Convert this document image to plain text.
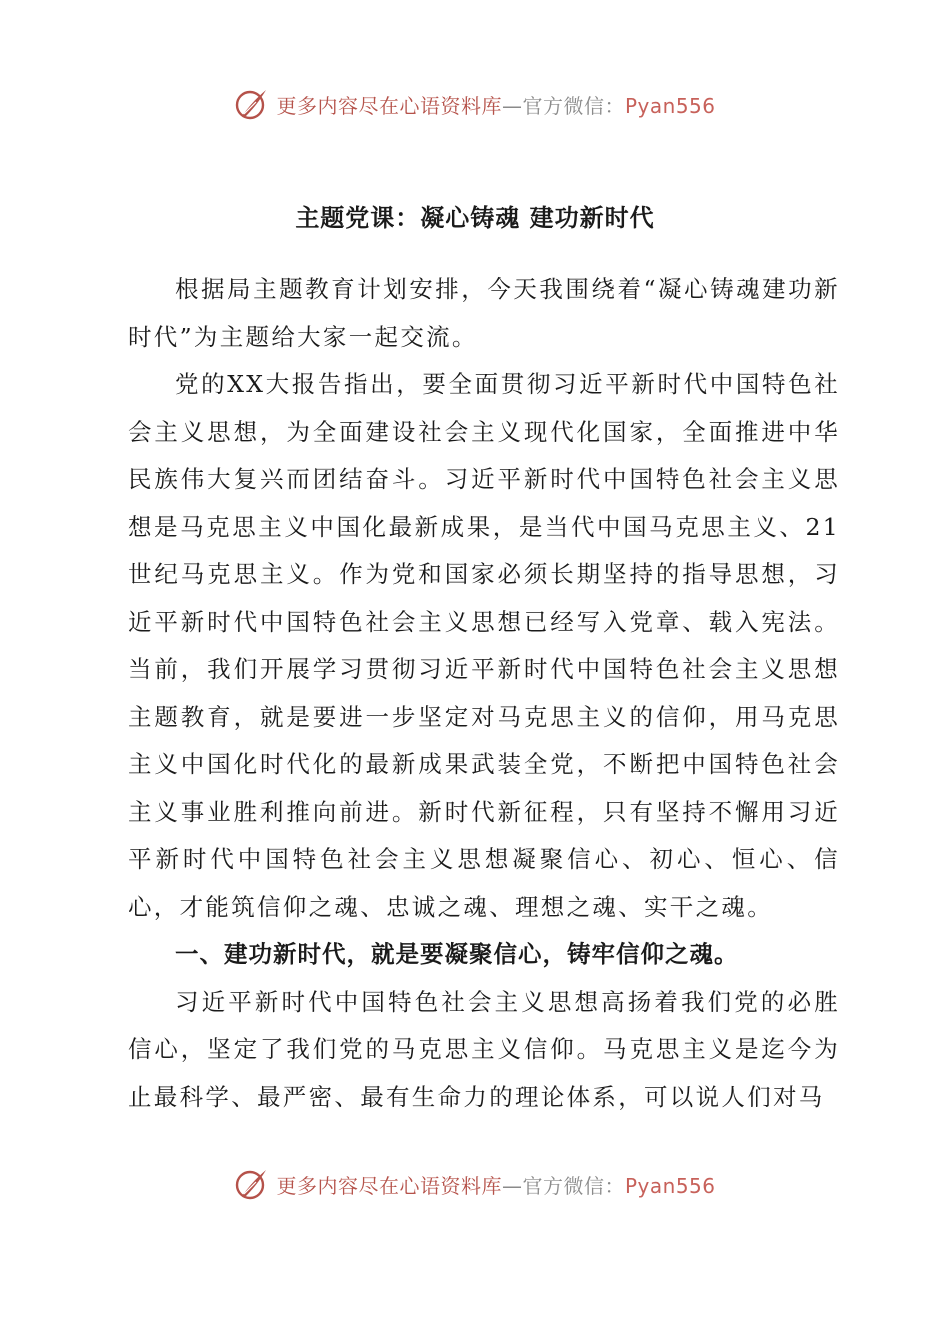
更多内容尽在心语资料库—官方微信：Pyan556
主题党课：凝心铸魂 建功新时代

根据局主题教育计划安排，今天我围绕着“凝心铸魂建功新时代”为主题给大家一起交流。

党的XX大报告指出，要全面贯彻习近平新时代中国特色社会主义思想，为全面建设社会主义现代化国家，全面推进中华民族伟大复兴而团结奋斗。习近平新时代中国特色社会主义思想是马克思主义中国化最新成果，是当代中国马克思主义、21世纪马克思主义。作为党和国家必须长期坚持的指导思想，习近平新时代中国特色社会主义思想已经写入党章、载入宪法。当前，我们开展学习贯彻习近平新时代中国特色社会主义思想主题教育，就是要进一步坚定对马克思主义的信仰，用马克思主义中国化时代化的最新成果武装全党，不断把中国特色社会主义事业胜利推向前进。新时代新征程，只有坚持不懈用习近平新时代中国特色社会主义思想凝聚信心、初心、恒心、信心，才能筑信仰之魂、忠诚之魂、理想之魂、实干之魂。

一、建功新时代，就是要凝聚信心，铸牢信仰之魂。

习近平新时代中国特色社会主义思想高扬着我们党的必胜信心，坚定了我们党的马克思主义信仰。马克思主义是迄今为止最科学、最严密、最有生命力的理论体系，可以说人们对马

更多内容尽在心语资料库—官方微信：Pyan556
